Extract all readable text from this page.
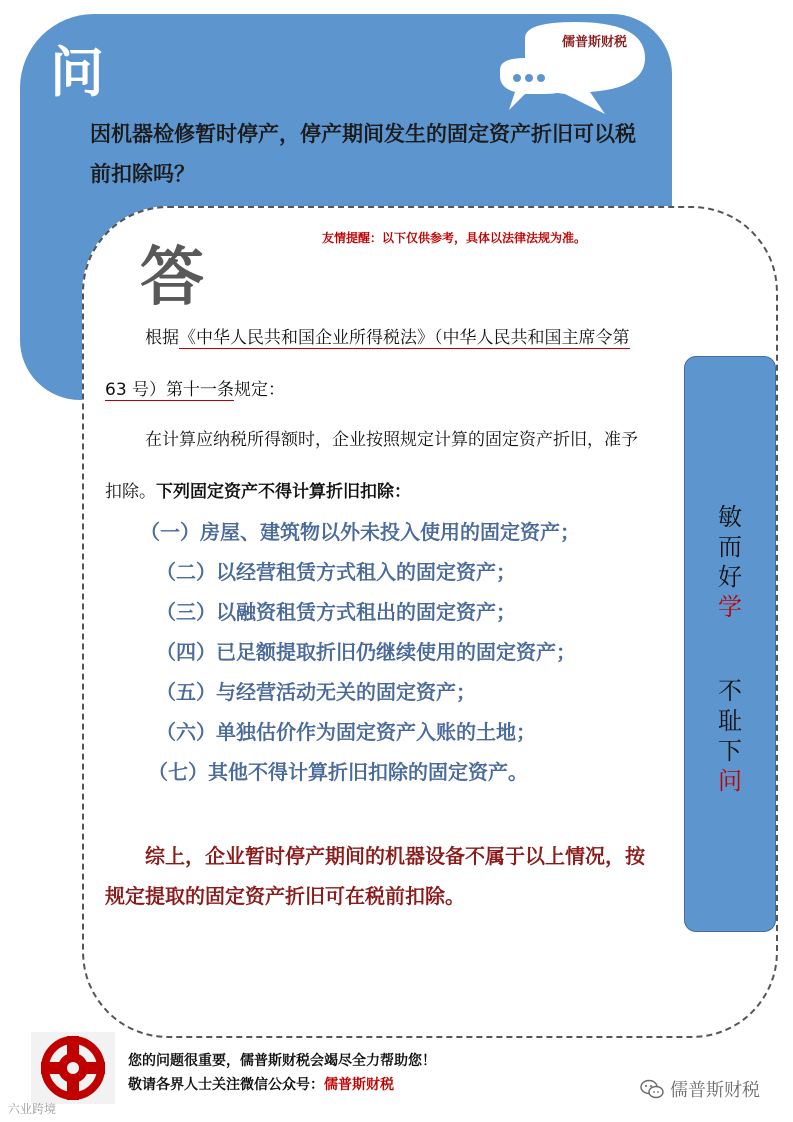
问
因机器检修暂时停产，停产期间发生的固定资产折旧可以税前扣除吗？
儒普斯财税
友情提醒：以下仅供参考，具体以法律法规为准。
答
根据《中华人民共和国企业所得税法》（中华人民共和国主席令第 63 号）第十一条规定：
在计算应纳税所得额时，企业按照规定计算的固定资产折旧，准予扣除。下列固定资产不得计算折旧扣除：
（一）房屋、建筑物以外未投入使用的固定资产；
（二）以经营租赁方式租入的固定资产；
（三）以融资租赁方式租出的固定资产；
（四）已足额提取折旧仍继续使用的固定资产；
（五）与经营活动无关的固定资产；
（六）单独估价作为固定资产入账的土地；
（七）其他不得计算折旧扣除的固定资产。
综上，企业暂时停产期间的机器设备不属于以上情况，按规定提取的固定资产折旧可在税前扣除。
敏
而
好
学
不
耻
下
问
您的问题很重要，儒普斯财税会竭尽全力帮助您！
敬请各界人士关注微信公众号：儒普斯财税
六业跨境
儒普斯财税
